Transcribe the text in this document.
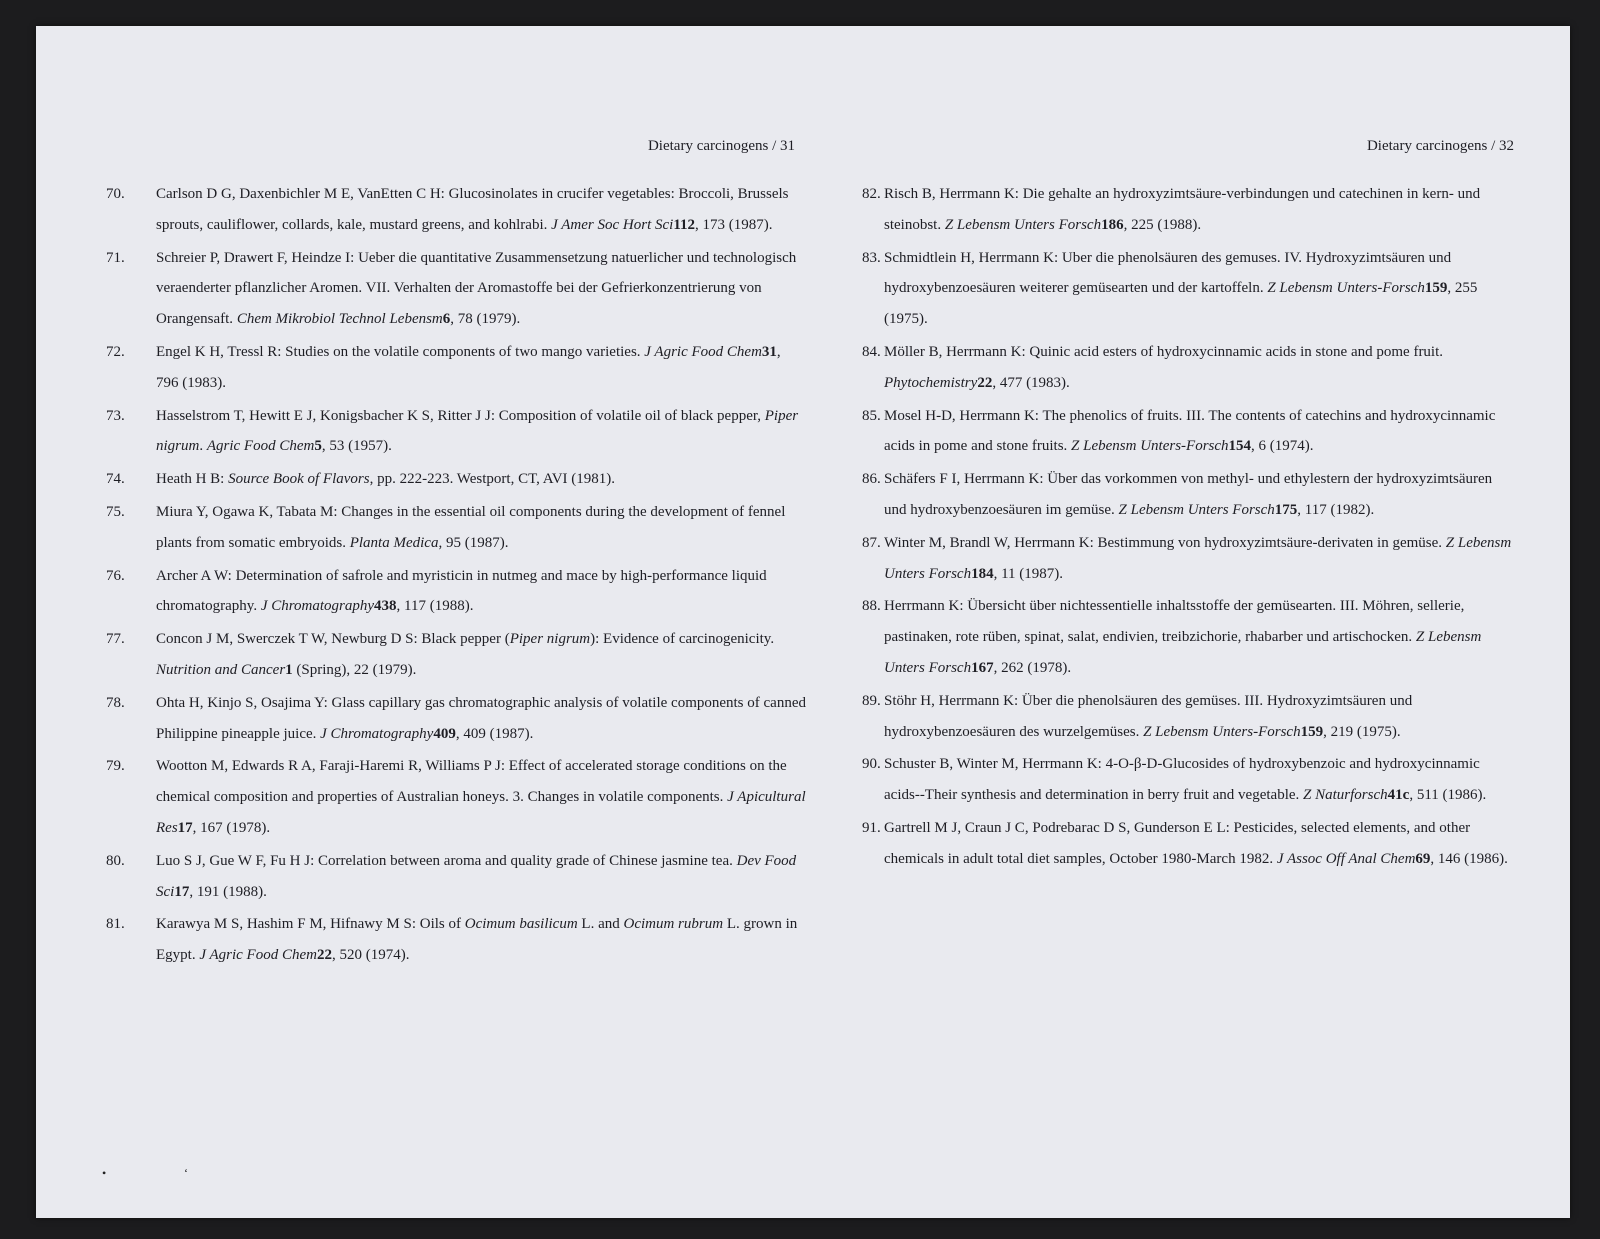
Dietary carcinogens / 31
70. Carlson D G, Daxenbichler M E, VanEtten C H: Glucosinolates in crucifer vegetables: Broccoli, Brussels sprouts, cauliflower, collards, kale, mustard greens, and kohlrabi. J Amer Soc Hort Sci112, 173 (1987).
71. Schreier P, Drawert F, Heindze I: Ueber die quantitative Zusammensetzung natuerlicher und technologisch veraenderter pflanzlicher Aromen. VII. Verhalten der Aromastoffe bei der Gefrierkonzentrierung von Orangensaft. Chem Mikrobiol Technol Lebensm6, 78 (1979).
72. Engel K H, Tressl R: Studies on the volatile components of two mango varieties. J Agric Food Chem31, 796 (1983).
73. Hasselstrom T, Hewitt E J, Konigsbacher K S, Ritter J J: Composition of volatile oil of black pepper, Piper nigrum. Agric Food Chem5, 53 (1957).
74. Heath H B: Source Book of Flavors, pp. 222-223. Westport, CT, AVI (1981).
75. Miura Y, Ogawa K, Tabata M: Changes in the essential oil components during the development of fennel plants from somatic embryoids. Planta Medica, 95 (1987).
76. Archer A W: Determination of safrole and myristicin in nutmeg and mace by high-performance liquid chromatography. J Chromatography438, 117 (1988).
77. Concon J M, Swerczek T W, Newburg D S: Black pepper (Piper nigrum): Evidence of carcinogenicity. Nutrition and Cancer1 (Spring), 22 (1979).
78. Ohta H, Kinjo S, Osajima Y: Glass capillary gas chromatographic analysis of volatile components of canned Philippine pineapple juice. J Chromatography409, 409 (1987).
79. Wootton M, Edwards R A, Faraji-Haremi R, Williams P J: Effect of accelerated storage conditions on the chemical composition and properties of Australian honeys. 3. Changes in volatile components. J Apicultural Res17, 167 (1978).
80. Luo S J, Gue W F, Fu H J: Correlation between aroma and quality grade of Chinese jasmine tea. Dev Food Sci17, 191 (1988).
81. Karawya M S, Hashim F M, Hifnawy M S: Oils of Ocimum basilicum L. and Ocimum rubrum L. grown in Egypt. J Agric Food Chem22, 520 (1974).
Dietary carcinogens / 32
82. Risch B, Herrmann K: Die gehalte an hydroxyzimtsäure-verbindungen und catechinen in kern- und steinobst. Z Lebensm Unters Forsch186, 225 (1988).
83. Schmidtlein H, Herrmann K: Uber die phenolsäuren des gemuses. IV. Hydroxyzimtsäuren und hydroxybenzoesäuren weiterer gemüsearten und der kartoffeln. Z Lebensm Unters-Forsch159, 255 (1975).
84. Möller B, Herrmann K: Quinic acid esters of hydroxycinnamic acids in stone and pome fruit. Phytochemistry22, 477 (1983).
85. Mosel H-D, Herrmann K: The phenolics of fruits. III. The contents of catechins and hydroxycinnamic acids in pome and stone fruits. Z Lebensm Unters-Forsch154, 6 (1974).
86. Schäfers F I, Herrmann K: Über das vorkommen von methyl- und ethylestern der hydroxyzimtsäuren und hydroxybenzoesäuren im gemüse. Z Lebensm Unters Forsch175, 117 (1982).
87. Winter M, Brandl W, Herrmann K: Bestimmung von hydroxyzimtsäure-derivaten in gemüse. Z Lebensm Unters Forsch184, 11 (1987).
88. Herrmann K: Übersicht über nichtessentielle inhaltsstoffe der gemüsearten. III. Möhren, sellerie, pastinaken, rote rüben, spinat, salat, endivien, treibzichorie, rhabarber und artischocken. Z Lebensm Unters Forsch167, 262 (1978).
89. Stöhr H, Herrmann K: Über die phenolsäuren des gemüses. III. Hydroxyzimtsäuren und hydroxybenzoesäuren des wurzelgemüses. Z Lebensm Unters-Forsch159, 219 (1975).
90. Schuster B, Winter M, Herrmann K: 4-O-β-D-Glucosides of hydroxybenzoic and hydroxycinnamic acids--Their synthesis and determination in berry fruit and vegetable. Z Naturforsch41c, 511 (1986).
91. Gartrell M J, Craun J C, Podrebarac D S, Gunderson E L: Pesticides, selected elements, and other chemicals in adult total diet samples, October 1980-March 1982. J Assoc Off Anal Chem69, 146 (1986).
•	‘
